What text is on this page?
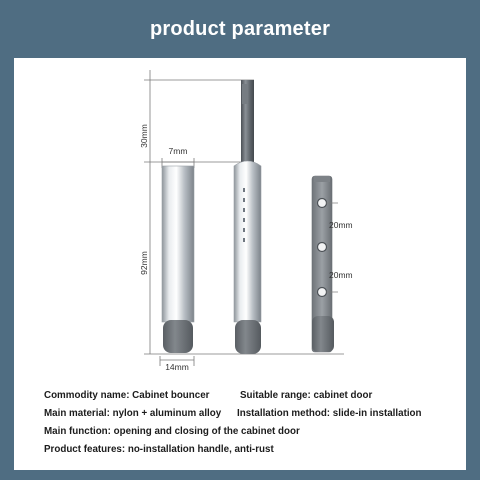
product parameter
30mm
92mm
7mm
14mm
20mm
20mm
Commodity name: Cabinet bouncer	Suitable range: cabinet door
Main material: nylon + aluminum alloy Installation method: slide-in installation
Main function: opening and closing of the cabinet door
Product features: no-installation handle, anti-rust
